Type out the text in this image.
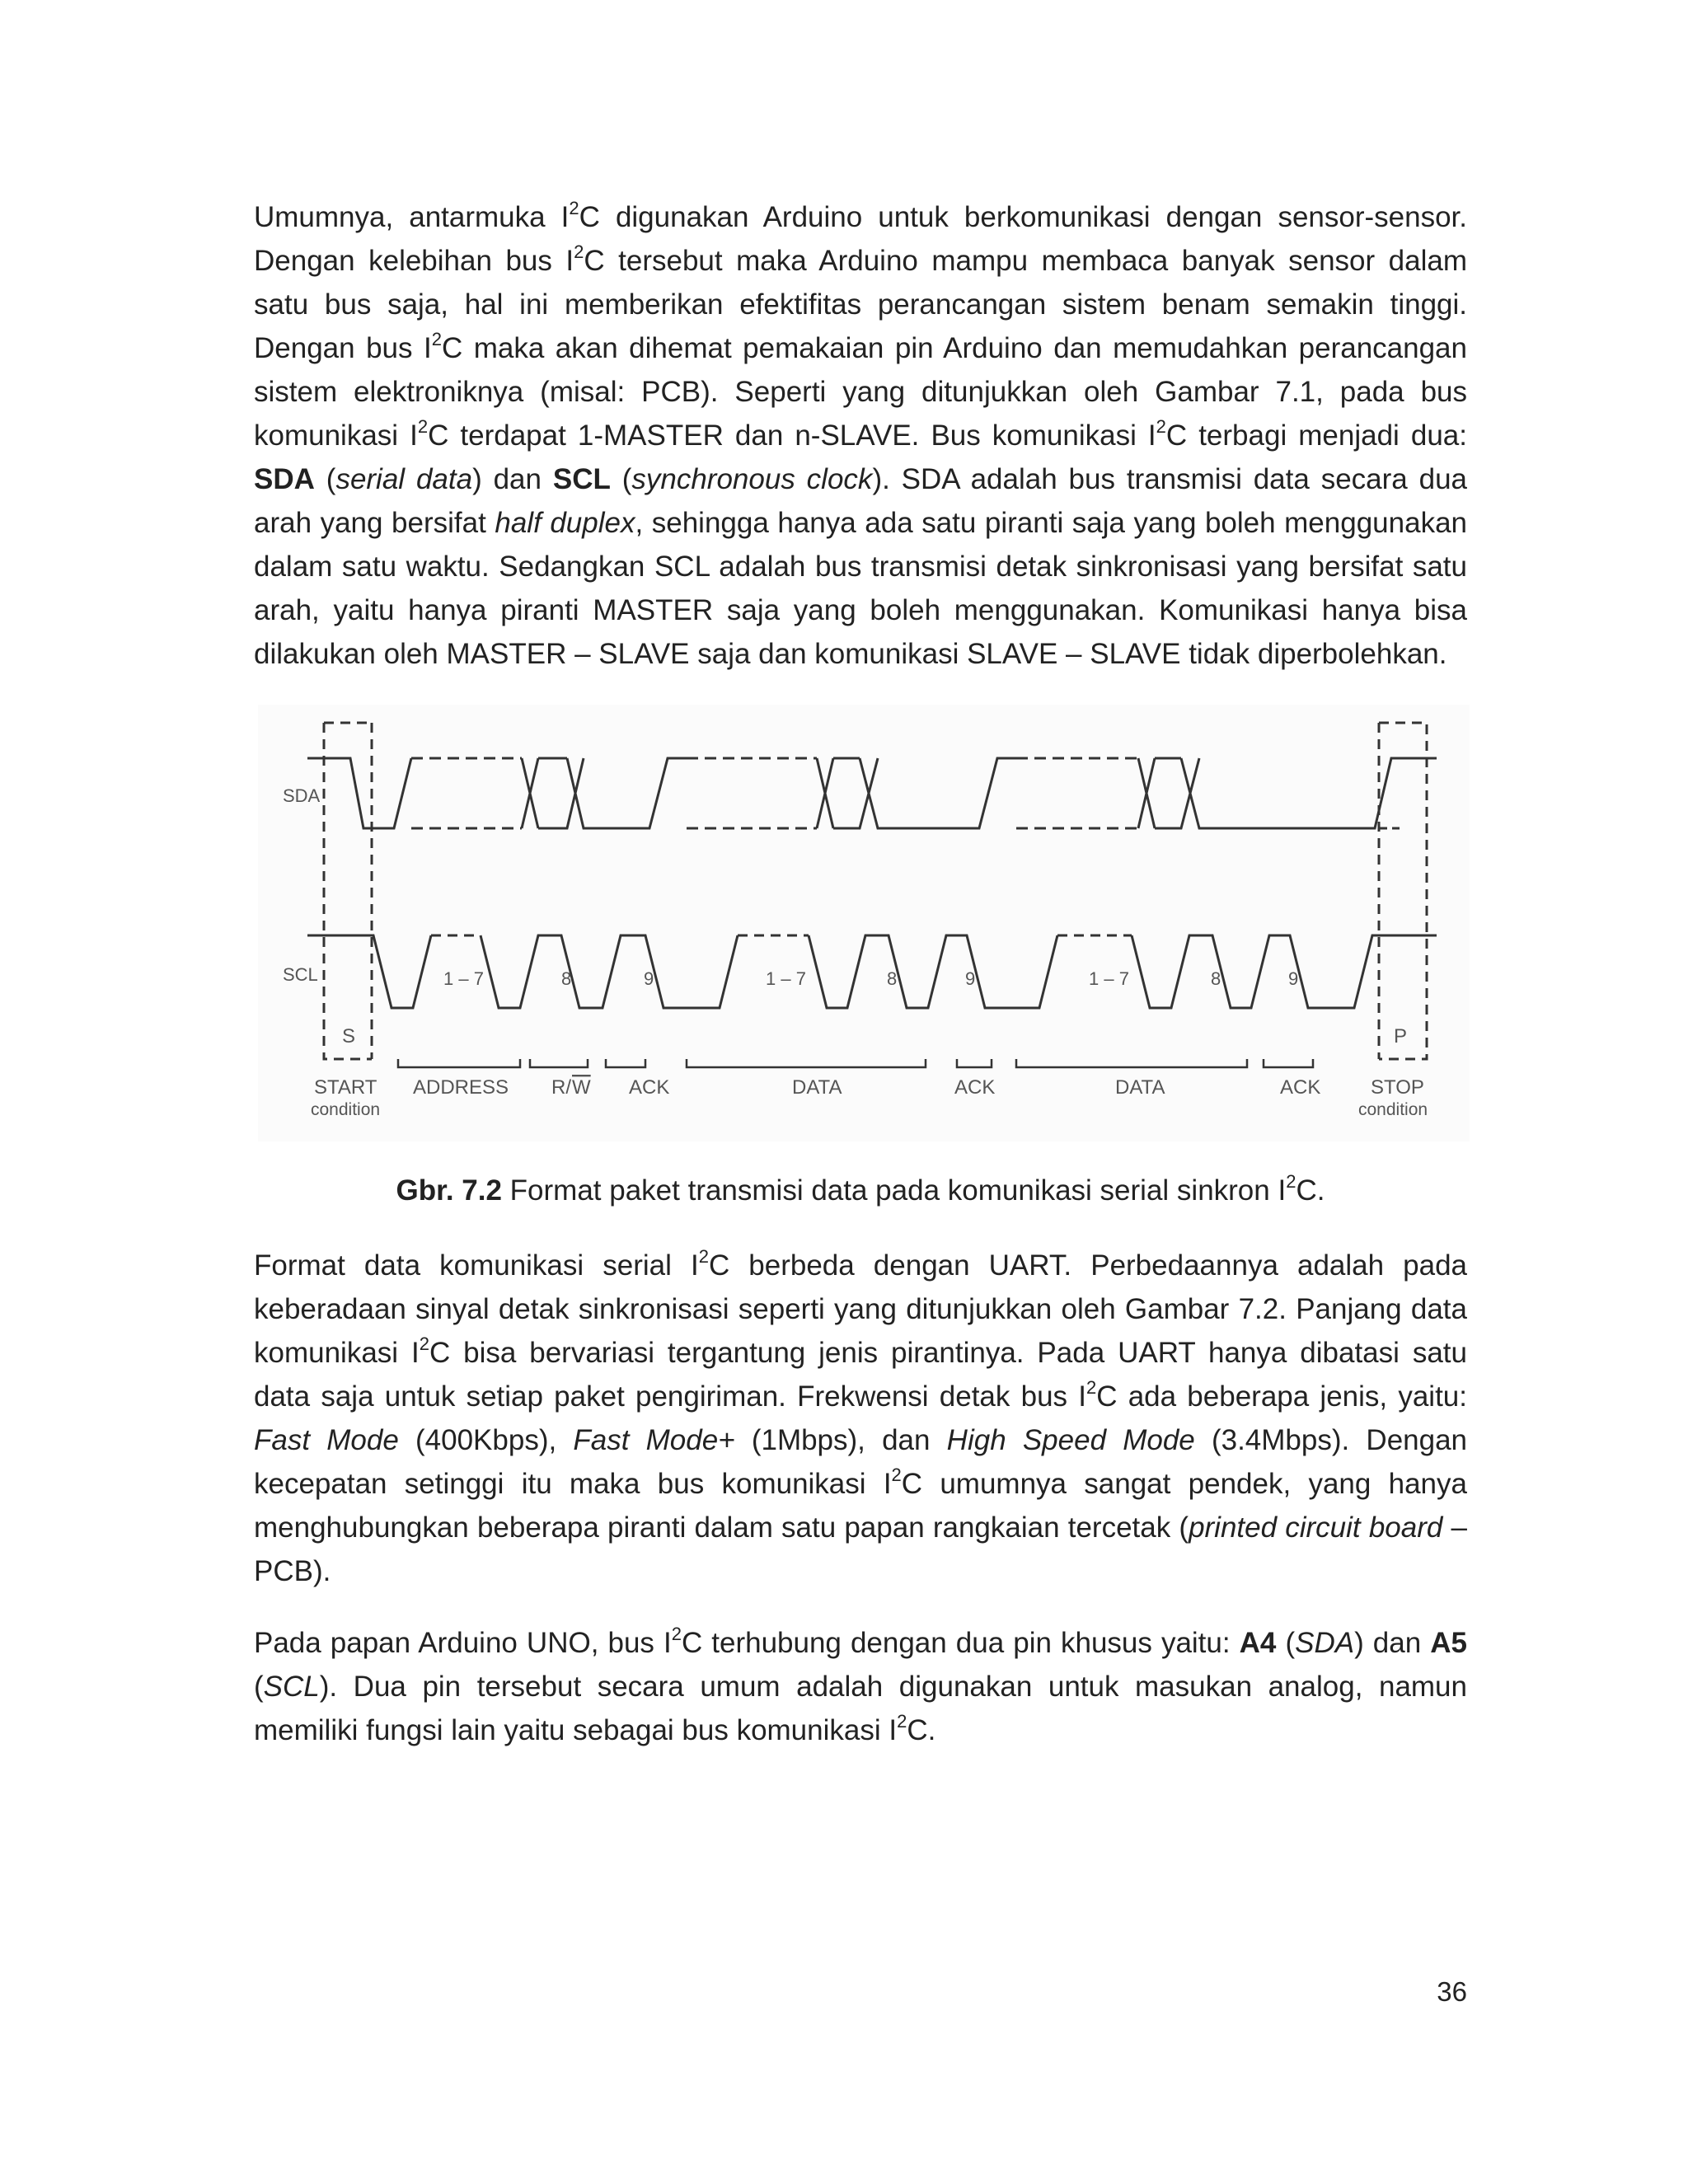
Umumnya, antarmuka $I^2C$ digunakan Arduino untuk berkomunikasi dengan sensor-sensor. Dengan kelebihan bus $I^2C$ tersebut maka Arduino mampu membaca banyak sensor dalam satu bus saja, hal ini memberikan efektifitas perancangan sistem benam semakin tinggi. Dengan bus $I^2C$ maka akan dihemat pemakaian pin Arduino dan memudahkan perancangan sistem elektroniknya (misal: PCB). Seperti yang ditunjukkan oleh Gambar 7.1, pada bus komunikasi $I^2C$ terdapat 1-MASTER dan n-SLAVE. Bus komunikasi $I^2C$ terbagi menjadi dua: SDA (serial data) dan SCL (synchronous clock). SDA adalah bus transmisi data secara dua arah yang bersifat half duplex, sehingga hanya ada satu piranti saja yang boleh menggunakan dalam satu waktu. Sedangkan SCL adalah bus transmisi detak sinkronisasi yang bersifat satu arah, yaitu hanya piranti MASTER saja yang boleh menggunakan. Komunikasi hanya bisa dilakukan oleh MASTER – SLAVE saja dan komunikasi SLAVE – SLAVE tidak diperbolehkan.

SDA
SCL
S	P
1 – 7	8	9	1 – 7	8	9	1 – 7	8	9
START
condition
ADDRESS R/ W ACK	DATA	ACK	DATA	ACK	STOP
condition
Gbr. 7.2 Format paket transmisi data pada komunikasi serial sinkron $I^2C$.

Format data komunikasi serial $I^2C$ berbeda dengan UART. Perbedaannya adalah pada keberadaan sinyal detak sinkronisasi seperti yang ditunjukkan oleh Gambar 7.2. Panjang data komunikasi $I^2C$ bisa bervariasi tergantung jenis pirantinya. Pada UART hanya dibatasi satu data saja untuk setiap paket pengiriman. Frekwensi detak bus $I^2C$ ada beberapa jenis, yaitu: Fast Mode (400Kbps), Fast Mode+ (1Mbps), dan High Speed Mode (3.4Mbps). Dengan kecepatan setinggi itu maka bus komunikasi $I^2C$ umumnya sangat pendek, yang hanya menghubungkan beberapa piranti dalam satu papan rangkaian tercetak (printed circuit board – PCB).

Pada papan Arduino UNO, bus $I^2C$ terhubung dengan dua pin khusus yaitu: A4 (SDA) dan A5 (SCL). Dua pin tersebut secara umum adalah digunakan untuk masukan analog, namun memiliki fungsi lain yaitu sebagai bus komunikasi $I^2C$.

36
